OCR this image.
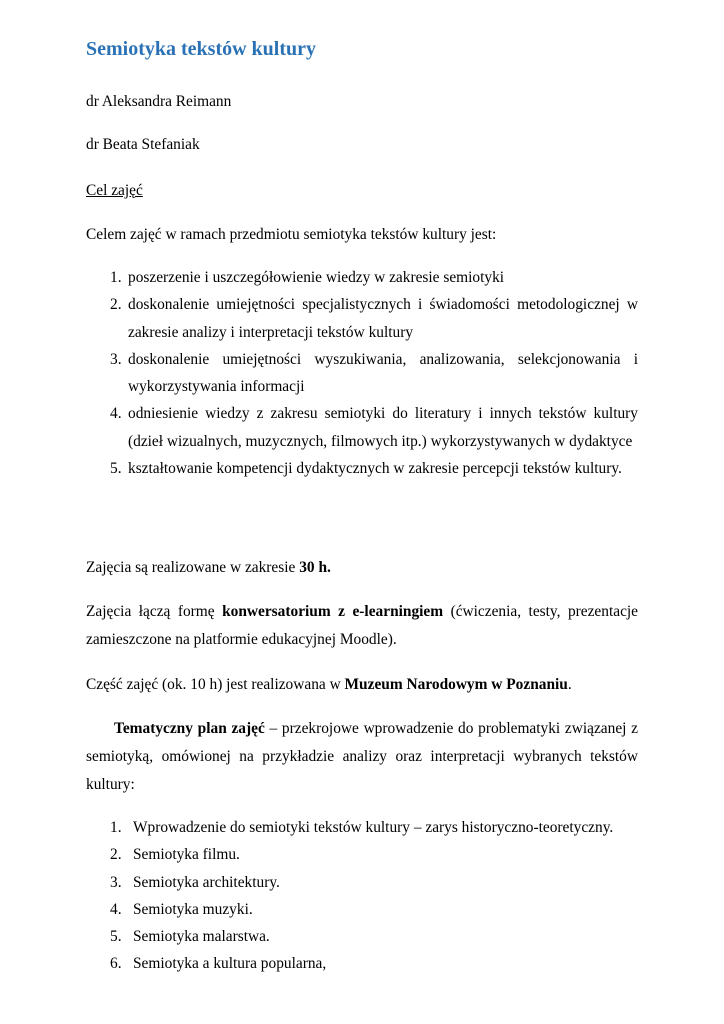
Semiotyka tekstów kultury

dr Aleksandra Reimann

dr Beata Stefaniak

Cel zajęć

Celem zajęć w ramach przedmiotu semiotyka tekstów kultury jest:

1. poszerzenie i uszczegółowienie wiedzy w zakresie semiotyki
2. doskonalenie umiejętności specjalistycznych i świadomości metodologicznej w zakresie analizy i interpretacji tekstów kultury
3. doskonalenie umiejętności wyszukiwania, analizowania, selekcjonowania i wykorzystywania informacji
4. odniesienie wiedzy z zakresu semiotyki do literatury i innych tekstów kultury (dzieł wizualnych, muzycznych, filmowych itp.) wykorzystywanych w dydaktyce
5. kształtowanie kompetencji dydaktycznych w zakresie percepcji tekstów kultury.

Zajęcia są realizowane w zakresie 30 h.

Zajęcia łączą formę konwersatorium z e-learningiem (ćwiczenia, testy, prezentacje zamieszczone na platformie edukacyjnej Moodle).

Część zajęć (ok. 10 h) jest realizowana w Muzeum Narodowym w Poznaniu.

Tematyczny plan zajęć – przekrojowe wprowadzenie do problematyki związanej z semiotyką, omówionej na przykładzie analizy oraz interpretacji wybranych tekstów kultury:

1. Wprowadzenie do semiotyki tekstów kultury – zarys historyczno-teoretyczny.
2. Semiotyka filmu.
3. Semiotyka architektury.
4. Semiotyka muzyki.
5. Semiotyka malarstwa.
6. Semiotyka a kultura popularna,
